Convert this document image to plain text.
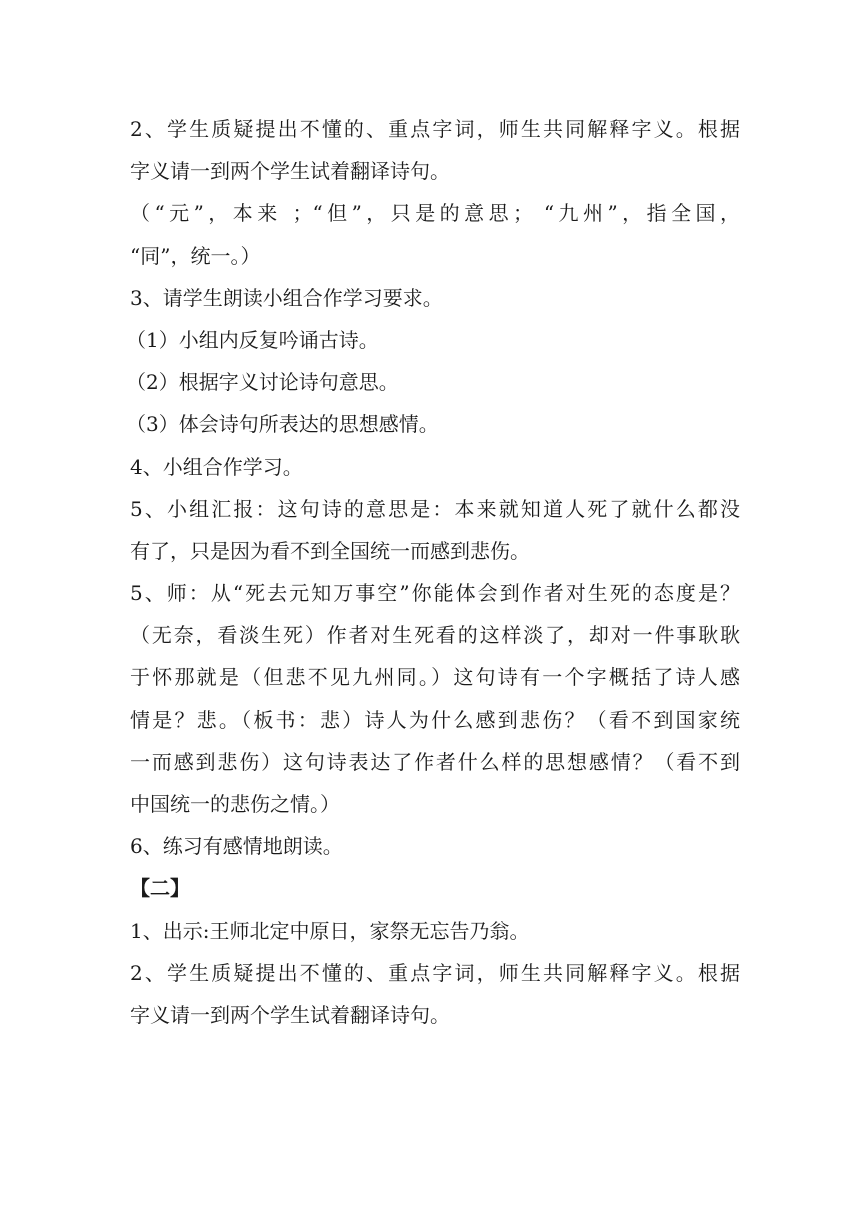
2、学生质疑提出不懂的、重点字词，师生共同解释字义。根据
字义请一到两个学生试着翻译诗句。
（“元”，本来 ；“但”，只是的意思； “九州”，指全国，
“同”，统一。）
3、请学生朗读小组合作学习要求。
（1）小组内反复吟诵古诗。
（2）根据字义讨论诗句意思。
（3）体会诗句所表达的思想感情。
4、小组合作学习。
5、小组汇报：这句诗的意思是：本来就知道人死了就什么都没
有了，只是因为看不到全国统一而感到悲伤。
5、师：从“死去元知万事空”你能体会到作者对生死的态度是？
（无奈，看淡生死）作者对生死看的这样淡了，却对一件事耿耿
于怀那就是（但悲不见九州同。）这句诗有一个字概括了诗人感
情是？悲。（板书：悲）诗人为什么感到悲伤？（看不到国家统
一而感到悲伤）这句诗表达了作者什么样的思想感情？（看不到
中国统一的悲伤之情。）
6、练习有感情地朗读。
【二】
1、出示:王师北定中原日，家祭无忘告乃翁。
2、学生质疑提出不懂的、重点字词，师生共同解释字义。根据
字义请一到两个学生试着翻译诗句。
